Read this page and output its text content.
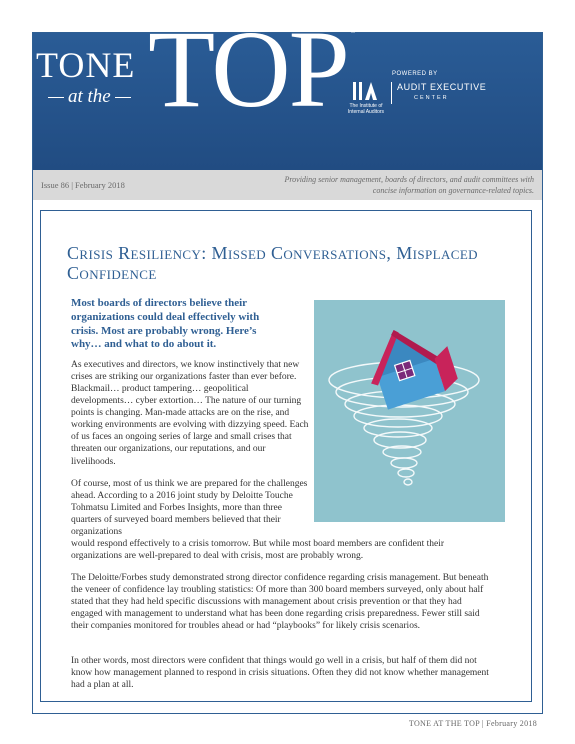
TONE
at the TOP ®
POWERED BY
The Institute of Internal Auditors
AUDIT EXECUTIVE
CENTER
Issue 86 | February 2018
Providing senior management, boards of directors, and audit committees with concise information on governance-related topics.
Crisis Resiliency: Missed Conversations, Misplaced Confidence
Most boards of directors believe their organizations could deal effectively with crisis. Most are probably wrong. Here’s why… and what to do about it.
As executives and directors, we know instinctively that new crises are striking our organizations faster than ever before. Blackmail… product tampering… geopolitical developments… cyber extortion… The nature of our turning points is changing. Man-made attacks are on the rise, and working environments are evolving with dizzying speed. Each of us faces an ongoing series of large and small crises that threaten our organizations, our reputations, and our livelihoods.
Of course, most of us think we are prepared for the challenges ahead. According to a 2016 joint study by Deloitte Touche Tohmatsu Limited and Forbes Insights, more than three quarters of surveyed board members believed that their organizations
would respond effectively to a crisis tomorrow. But while most board members are confident their organizations are well-prepared to deal with crisis, most are probably wrong.
The Deloitte/Forbes study demonstrated strong director confidence regarding crisis management. But beneath the veneer of confidence lay troubling statistics: Of more than 300 board members surveyed, only about half stated that they had held specific discussions with management about crisis prevention or that they had engaged with management to understand what has been done regarding crisis preparedness. Fewer still said their companies monitored for troubles ahead or had “playbooks” for likely crisis scenarios.
In other words, most directors were confident that things would go well in a crisis, but half of them did not know how management planned to respond in crisis situations. Often they did not know whether management had a plan at all.
TONE AT THE TOP | February 2018
